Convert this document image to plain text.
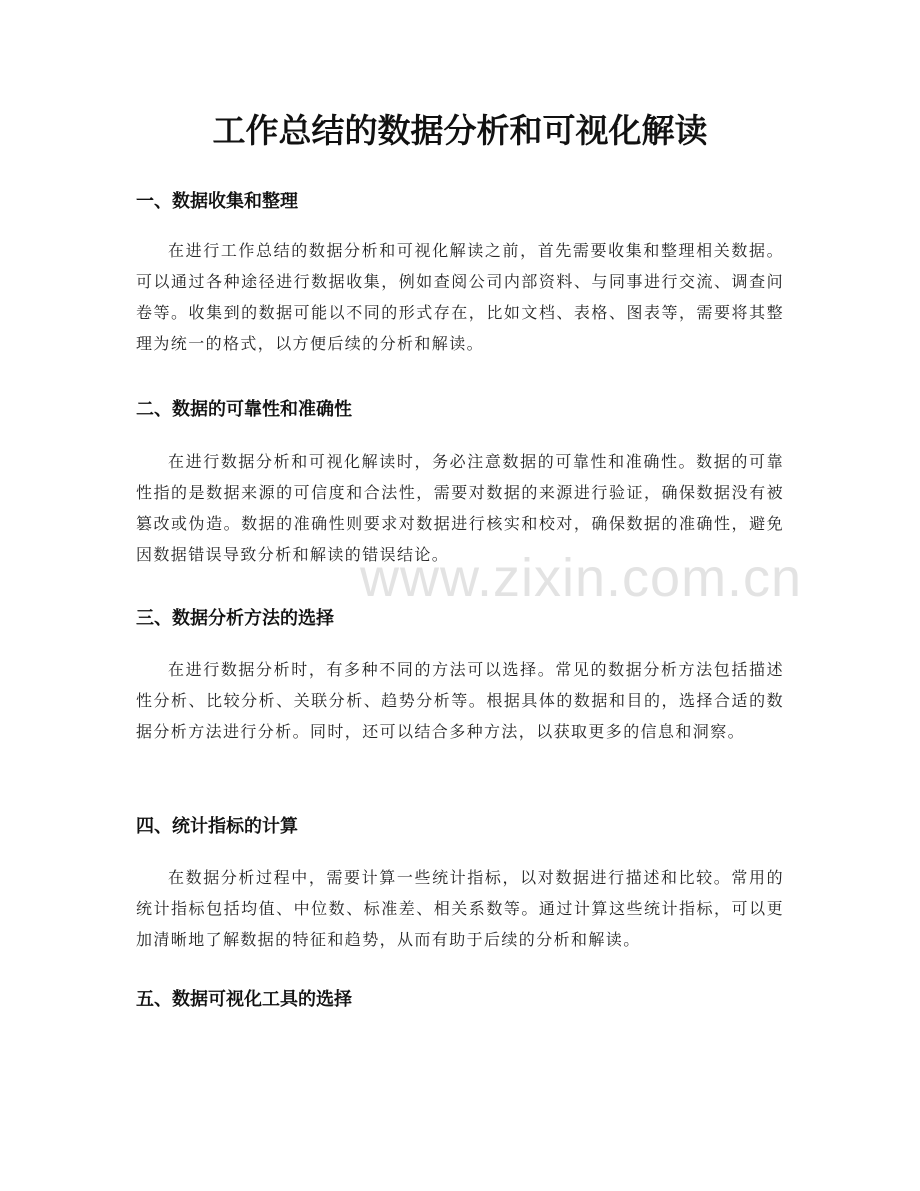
工作总结的数据分析和可视化解读
一、数据收集和整理

在进行工作总结的数据分析和可视化解读之前，首先需要收集和整理相关数据。可以通过各种途径进行数据收集，例如查阅公司内部资料、与同事进行交流、调查问卷等。收集到的数据可能以不同的形式存在，比如文档、表格、图表等，需要将其整理为统一的格式，以方便后续的分析和解读。

二、数据的可靠性和准确性

在进行数据分析和可视化解读时，务必注意数据的可靠性和准确性。数据的可靠性指的是数据来源的可信度和合法性，需要对数据的来源进行验证，确保数据没有被篡改或伪造。数据的准确性则要求对数据进行核实和校对，确保数据的准确性，避免因数据错误导致分析和解读的错误结论。

三、数据分析方法的选择

在进行数据分析时，有多种不同的方法可以选择。常见的数据分析方法包括描述性分析、比较分析、关联分析、趋势分析等。根据具体的数据和目的，选择合适的数据分析方法进行分析。同时，还可以结合多种方法，以获取更多的信息和洞察。

四、统计指标的计算

在数据分析过程中，需要计算一些统计指标，以对数据进行描述和比较。常用的统计指标包括均值、中位数、标准差、相关系数等。通过计算这些统计指标，可以更加清晰地了解数据的特征和趋势，从而有助于后续的分析和解读。

五、数据可视化工具的选择
www.zixin.com.cn
